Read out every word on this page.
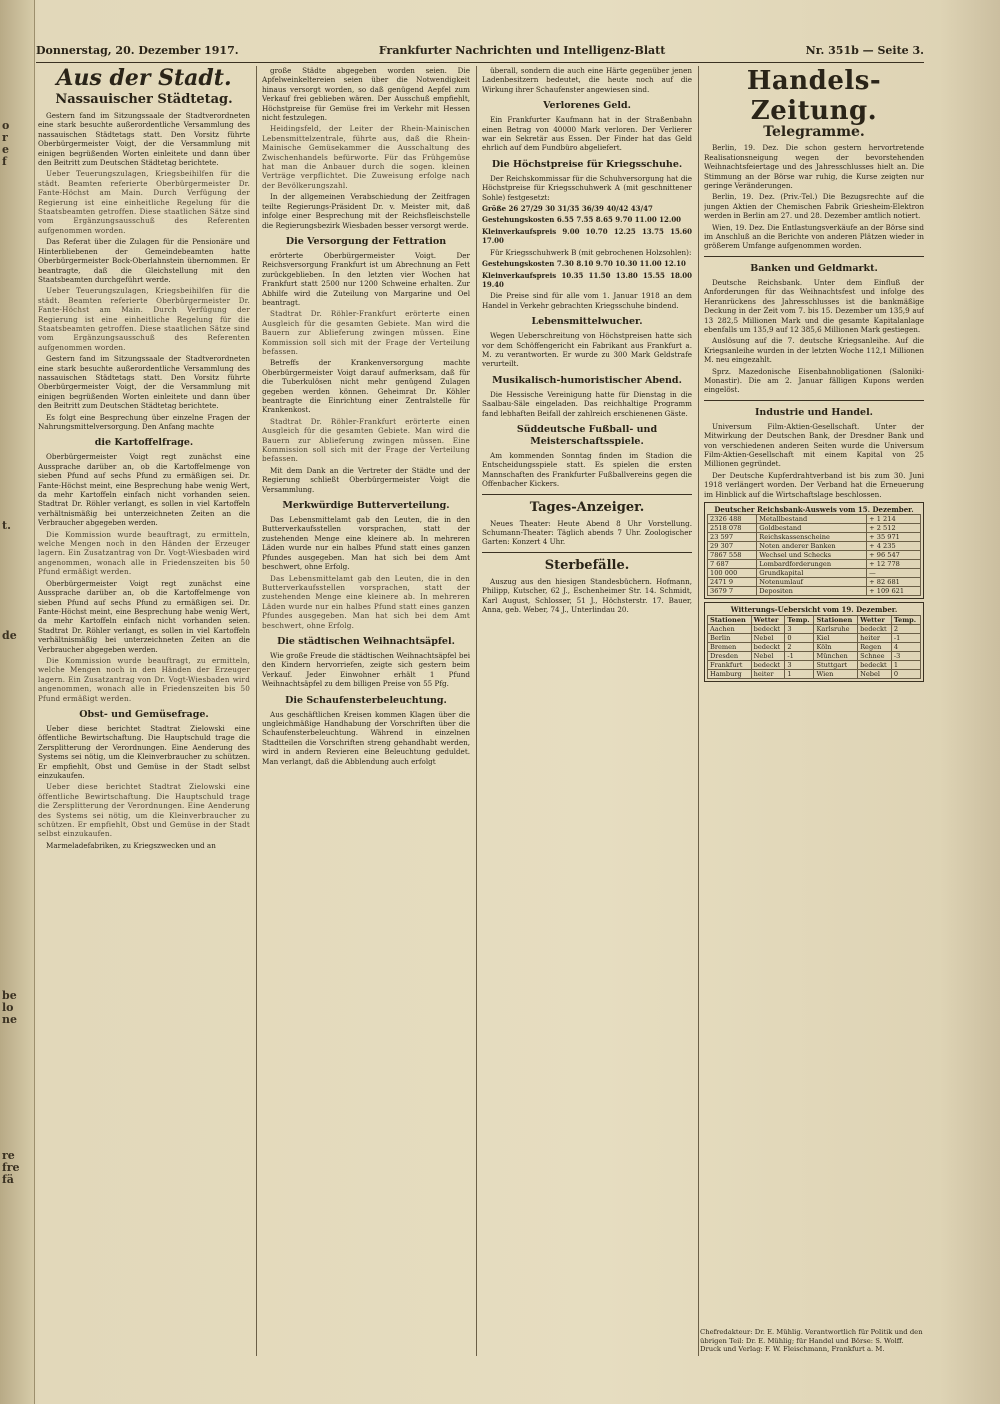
o
r
e
f
t.
de
be
lo
ne
re
fre
fä
Donnerstag, 20. Dezember 1917.	Frankfurter Nachrichten und Intelligenz-Blatt	Nr. 351b — Seite 3.
Aus der Stadt.
Nassauischer Städtetag.

Gestern fand im Sitzungssaale der Stadtverordneten eine stark besuchte außerordentliche Versammlung des nassauischen Städtetags statt. Den Vorsitz führte Oberbürgermeister Voigt, der die Versammlung mit einigen begrüßenden Worten einleitete und dann über den Beitritt zum Deutschen Städtetag berichtete.

Ueber Teuerungszulagen, Kriegsbeihilfen für die städt. Beamten referierte Oberbürgermeister Dr. Fante-Höchst am Main. Durch Verfügung der Regierung ist eine einheitliche Regelung für die Staatsbeamten getroffen. Diese staatlichen Sätze sind vom Ergänzungsausschuß des Referenten aufgenommen worden.

Das Referat über die Zulagen für die Pensionäre und Hinterbliebenen der Gemeindebeamten hatte Oberbürgermeister Bock-Oberlahnstein übernommen. Er beantragte, daß die Gleichstellung mit den Staatsbeamten durchgeführt werde.

Ueber Teuerungszulagen, Kriegsbeihilfen für die städt. Beamten referierte Oberbürgermeister Dr. Fante-Höchst am Main. Durch Verfügung der Regierung ist eine einheitliche Regelung für die Staatsbeamten getroffen. Diese staatlichen Sätze sind vom Ergänzungsausschuß des Referenten aufgenommen worden.

Gestern fand im Sitzungssaale der Stadtverordneten eine stark besuchte außerordentliche Versammlung des nassauischen Städtetags statt. Den Vorsitz führte Oberbürgermeister Voigt, der die Versammlung mit einigen begrüßenden Worten einleitete und dann über den Beitritt zum Deutschen Städtetag berichtete.

Es folgt eine Besprechung über einzelne Fragen der Nahrungsmittelversorgung. Den Anfang machte

die Kartoffelfrage.

Oberbürgermeister Voigt regt zunächst eine Aussprache darüber an, ob die Kartoffelmenge von sieben Pfund auf sechs Pfund zu ermäßigen sei. Dr. Fante-Höchst meint, eine Besprechung habe wenig Wert, da mehr Kartoffeln einfach nicht vorhanden seien. Stadtrat Dr. Röhler verlangt, es sollen in viel Kartoffeln verhältnismäßig bei unterzeichneten Zeiten an die Verbraucher abgegeben werden.

Die Kommission wurde beauftragt, zu ermitteln, welche Mengen noch in den Händen der Erzeuger lagern. Ein Zusatzantrag von Dr. Vogt-Wiesbaden wird angenommen, wonach alle in Friedenszeiten bis 50 Pfund ermäßigt werden.

Oberbürgermeister Voigt regt zunächst eine Aussprache darüber an, ob die Kartoffelmenge von sieben Pfund auf sechs Pfund zu ermäßigen sei. Dr. Fante-Höchst meint, eine Besprechung habe wenig Wert, da mehr Kartoffeln einfach nicht vorhanden seien. Stadtrat Dr. Röhler verlangt, es sollen in viel Kartoffeln verhältnismäßig bei unterzeichneten Zeiten an die Verbraucher abgegeben werden.

Die Kommission wurde beauftragt, zu ermitteln, welche Mengen noch in den Händen der Erzeuger lagern. Ein Zusatzantrag von Dr. Vogt-Wiesbaden wird angenommen, wonach alle in Friedenszeiten bis 50 Pfund ermäßigt werden.

Obst- und Gemüsefrage.

Ueber diese berichtet Stadtrat Zielowski eine öffentliche Bewirtschaftung. Die Hauptschuld trage die Zersplitterung der Verordnungen. Eine Aenderung des Systems sei nötig, um die Kleinverbraucher zu schützen. Er empfiehlt, Obst und Gemüse in der Stadt selbst einzukaufen.

Ueber diese berichtet Stadtrat Zielowski eine öffentliche Bewirtschaftung. Die Hauptschuld trage die Zersplitterung der Verordnungen. Eine Aenderung des Systems sei nötig, um die Kleinverbraucher zu schützen. Er empfiehlt, Obst und Gemüse in der Stadt selbst einzukaufen.

Marmeladefabriken, zu Kriegszwecken und an

große Städte abgegeben worden seien. Die Apfelweinkeltereien seien über die Notwendigkeit hinaus versorgt worden, so daß genügend Aepfel zum Verkauf frei geblieben wären. Der Ausschuß empfiehlt, Höchstpreise für Gemüse frei im Verkehr mit Hessen nicht festzulegen.

Heidingsfeld, der Leiter der Rhein-Mainischen Lebensmittelzentrale, führte aus, daß die Rhein-Mainische Gemüsekammer die Ausschaltung des Zwischenhandels befürworte. Für das Frühgemüse hat man die Anbauer durch die sogen. kleinen Verträge verpflichtet. Die Zuweisung erfolge nach der Bevölkerungszahl.

In der allgemeinen Verabschiedung der Zeitfragen teilte Regierungs-Präsident Dr. v. Meister mit, daß infolge einer Besprechung mit der Reichsfleischstelle die Regierungsbezirk Wiesbaden besser versorgt werde.

Die Versorgung der Fettration

erörterte Oberbürgermeister Voigt. Der Reichsversorgung Frankfurt ist um Abrechnung an Fett zurückgeblieben. In den letzten vier Wochen hat Frankfurt statt 2500 nur 1200 Schweine erhalten. Zur Abhilfe wird die Zuteilung von Margarine und Oel beantragt.

Stadtrat Dr. Röhler-Frankfurt erörterte einen Ausgleich für die gesamten Gebiete. Man wird die Bauern zur Ablieferung zwingen müssen. Eine Kommission soll sich mit der Frage der Verteilung befassen.

Betreffs der Krankenversorgung machte Oberbürgermeister Voigt darauf aufmerksam, daß für die Tuberkulösen nicht mehr genügend Zulagen gegeben werden können. Geheimrat Dr. Köhler beantragte die Einrichtung einer Zentralstelle für Krankenkost.

Stadtrat Dr. Röhler-Frankfurt erörterte einen Ausgleich für die gesamten Gebiete. Man wird die Bauern zur Ablieferung zwingen müssen. Eine Kommission soll sich mit der Frage der Verteilung befassen.

Mit dem Dank an die Vertreter der Städte und der Regierung schließt Oberbürgermeister Voigt die Versammlung.

Merkwürdige Butterverteilung.

Das Lebensmittelamt gab den Leuten, die in den Butterverkaufsstellen vorsprachen, statt der zustehenden Menge eine kleinere ab. In mehreren Läden wurde nur ein halbes Pfund statt eines ganzen Pfundes ausgegeben. Man hat sich bei dem Amt beschwert, ohne Erfolg.

Das Lebensmittelamt gab den Leuten, die in den Butterverkaufsstellen vorsprachen, statt der zustehenden Menge eine kleinere ab. In mehreren Läden wurde nur ein halbes Pfund statt eines ganzen Pfundes ausgegeben. Man hat sich bei dem Amt beschwert, ohne Erfolg.

Die städtischen Weihnachtsäpfel.

Wie große Freude die städtischen Weihnachtsäpfel bei den Kindern hervorriefen, zeigte sich gestern beim Verkauf. Jeder Einwohner erhält 1 Pfund Weihnachtsäpfel zu dem billigen Preise von 55 Pfg.

Die Schaufensterbeleuchtung.

Aus geschäftlichen Kreisen kommen Klagen über die ungleichmäßige Handhabung der Vorschriften über die Schaufensterbeleuchtung. Während in einzelnen Stadtteilen die Vorschriften streng gehandhabt werden, wird in andern Revieren eine Beleuchtung geduldet. Man verlangt, daß die Abblendung auch erfolgt

überall, sondern die auch eine Härte gegenüber jenen Ladenbesitzern bedeutet, die heute noch auf die Wirkung ihrer Schaufenster angewiesen sind.

Verlorenes Geld.

Ein Frankfurter Kaufmann hat in der Straßenbahn einen Betrag von 40000 Mark verloren. Der Verlierer war ein Sekretär aus Essen. Der Finder hat das Geld ehrlich auf dem Fundbüro abgeliefert.

Die Höchstpreise für Kriegsschuhe.

Der Reichskommissar für die Schuhversorgung hat die Höchstpreise für Kriegsschuhwerk A (mit geschnittener Sohle) festgesetzt:

Größe 26 27/29 30 31/35 36/39 40/42 43/47
Gestehungskosten 6.55 7.55 8.65 9.70 11.00 12.00
Kleinverkaufspreis 9.00 10.70 12.25 13.75 15.60 17.00

Für Kriegsschuhwerk B (mit gebrochenen Holzsohlen):

Gestehungskosten 7.30 8.10 9.70 10.30 11.00 12.10
Kleinverkaufspreis 10.35 11.50 13.80 15.55 18.00 19.40

Die Preise sind für alle vom 1. Januar 1918 an dem Handel in Verkehr gebrachten Kriegsschuhe bindend.

Lebensmittelwucher.

Wegen Ueberschreitung von Höchstpreisen hatte sich vor dem Schöffengericht ein Fabrikant aus Frankfurt a. M. zu verantworten. Er wurde zu 300 Mark Geldstrafe verurteilt.

Musikalisch-humoristischer Abend.

Die Hessische Vereinigung hatte für Dienstag in die Saalbau-Säle eingeladen. Das reichhaltige Programm fand lebhaften Beifall der zahlreich erschienenen Gäste.

Süddeutsche Fußball- und Meisterschaftsspiele.

Am kommenden Sonntag finden im Stadion die Entscheidungsspiele statt. Es spielen die ersten Mannschaften des Frankfurter Fußballvereins gegen die Offenbacher Kickers.

Tages-Anzeiger.

Neues Theater: Heute Abend 8 Uhr Vorstellung. Schumann-Theater: Täglich abends 7 Uhr. Zoologischer Garten: Konzert 4 Uhr.

Sterbefälle.

Auszug aus den hiesigen Standesbüchern. Hofmann, Philipp, Kutscher, 62 J., Eschenheimer Str. 14. Schmidt, Karl August, Schlosser, 51 J., Höchsterstr. 17. Bauer, Anna, geb. Weber, 74 J., Unterlindau 20.

Handels-Zeitung.
Telegramme.

Berlin, 19. Dez. Die schon gestern hervortretende Realisationsneigung wegen der bevorstehenden Weihnachtsfeiertage und des Jahresschlusses hielt an. Die Stimmung an der Börse war ruhig, die Kurse zeigten nur geringe Veränderungen.

Berlin, 19. Dez. (Priv.-Tel.) Die Bezugsrechte auf die jungen Aktien der Chemischen Fabrik Griesheim-Elektron werden in Berlin am 27. und 28. Dezember amtlich notiert.

Wien, 19. Dez. Die Entlastungsverkäufe an der Börse sind im Anschluß an die Berichte von anderen Plätzen wieder in größerem Umfange aufgenommen worden.

Banken und Geldmarkt.

Deutsche Reichsbank. Unter dem Einfluß der Anforderungen für das Weihnachtsfest und infolge des Heranrückens des Jahresschlusses ist die bankmäßige Deckung in der Zeit vom 7. bis 15. Dezember um 135,9 auf 13 282,5 Millionen Mark und die gesamte Kapitalanlage ebenfalls um 135,9 auf 12 385,6 Millionen Mark gestiegen.

Auslösung auf die 7. deutsche Kriegsanleihe. Auf die Kriegsanleihe wurden in der letzten Woche 112,1 Millionen M. neu eingezahlt.

Sprz. Mazedonische Eisenbahnobligationen (Saloniki-Monastir). Die am 2. Januar fälligen Kupons werden eingelöst.

Industrie und Handel.

Universum Film-Aktien-Gesellschaft. Unter der Mitwirkung der Deutschen Bank, der Dresdner Bank und von verschiedenen anderen Seiten wurde die Universum Film-Aktien-Gesellschaft mit einem Kapital von 25 Millionen gegründet.

Der Deutsche Kupferdrahtverband ist bis zum 30. Juni 1918 verlängert worden. Der Verband hat die Erneuerung im Hinblick auf die Wirtschaftslage beschlossen.

Deutscher Reichsbank-Ausweis vom 15. Dezember.
2326 488	Metallbestand	+ 1 214
2518 078	Goldbestand	+ 2 512
23 597	Reichskassenscheine	+ 35 971
29 307	Noten anderer Banken	+ 4 235
7867 558	Wechsel und Schecks	+ 96 547
7 687	Lombardforderungen	+ 12 778
100 000	Grundkapital	—
2471 9	Notenumlauf	+ 82 681
3679 7	Depositen	+ 109 621
Witterungs-Uebersicht vom 19. Dezember.
Stationen	Wetter	Temp.	Stationen	Wetter	Temp.
Aachen	bedeckt	3	Karlsruhe	bedeckt	2
Berlin	Nebel	0	Kiel	heiter	-1
Bremen	bedeckt	2	Köln	Regen	4
Dresden	Nebel	-1	München	Schnee	-3
Frankfurt	bedeckt	3	Stuttgart	bedeckt	1
Hamburg	heiter	1	Wien	Nebel	0
Chefredakteur: Dr. E. Mühlig. Verantwortlich für Politik und den übrigen Teil: Dr. E. Mühlig; für Handel und Börse: S. Wolff. Druck und Verlag: F. W. Fleischmann, Frankfurt a. M.
